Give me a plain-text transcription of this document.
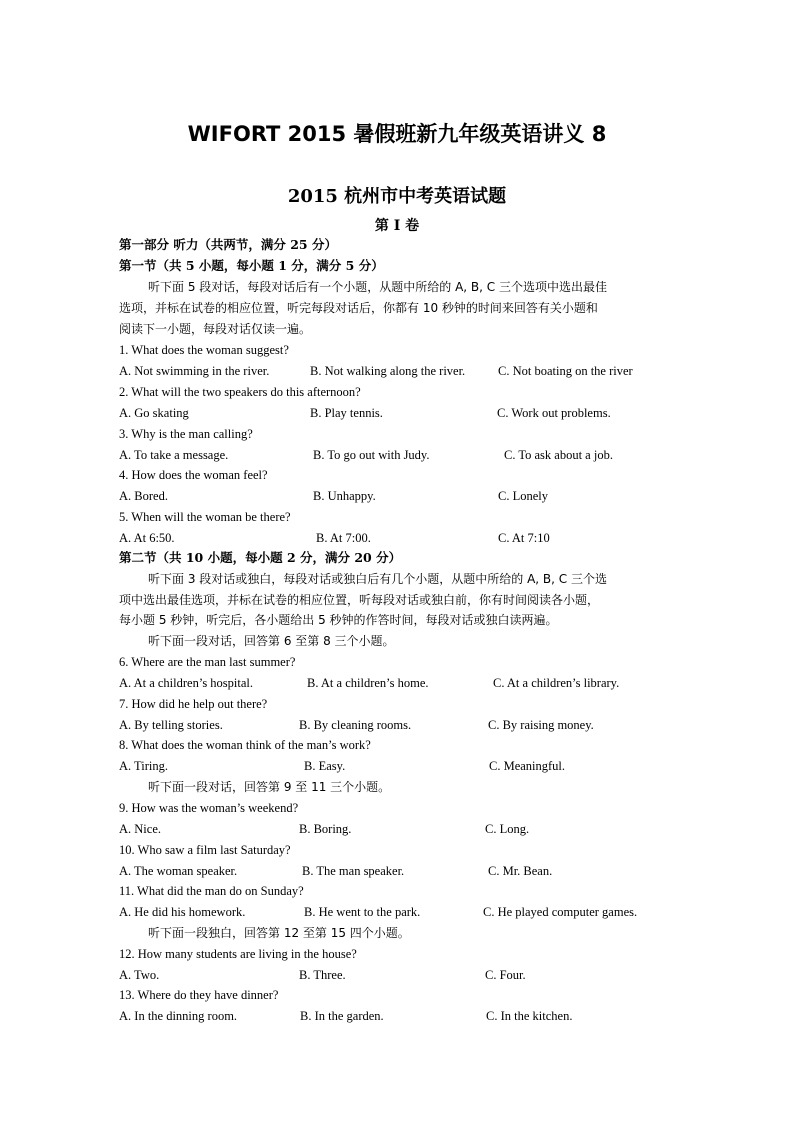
WIFORT 2015 暑假班新九年级英语讲义 8
2015 杭州市中考英语试题
第 I 卷
第一部分 听力（共两节，满分 25 分）
第一节（共 5 小题，每小题 1 分，满分 5 分）
听下面 5 段对话，每段对话后有一个小题，从题中所给的 A, B, C 三个选项中选出最佳
选项，并标在试卷的相应位置，听完每段对话后，你都有 10 秒钟的时间来回答有关小题和
阅读下一小题，每段对话仅读一遍。
1. What does the woman suggest?
A. Not swimming in the river.	B. Not walking along the river.	C. Not boating on the river
2. What will the two speakers do this afternoon?
A. Go skating	B. Play tennis.	C. Work out problems.
3. Why is the man calling?
A. To take a message.	B. To go out with Judy.	C. To ask about a job.
4. How does the woman feel?
A. Bored.	B. Unhappy.	C. Lonely
5. When will the woman be there?
A. At 6:50.	B. At 7:00.	C. At 7:10
第二节（共 10 小题，每小题 2 分，满分 20 分）
听下面 3 段对话或独白，每段对话或独白后有几个小题，从题中所给的 A, B, C 三个选
项中选出最佳选项，并标在试卷的相应位置，听每段对话或独白前，你有时间阅读各小题，
每小题 5 秒钟，听完后，各小题给出 5 秒钟的作答时间，每段对话或独白读两遍。
听下面一段对话，回答第 6 至第 8 三个小题。
6. Where are the man last summer?
A. At a children’s hospital.	B. At a children’s home.	C. At a children’s library.
7. How did he help out there?
A. By telling stories.	B. By cleaning rooms.	C. By raising money.
8. What does the woman think of the man’s work?
A. Tiring.	B. Easy.	C. Meaningful.
听下面一段对话，回答第 9 至 11 三个小题。
9. How was the woman’s weekend?
A. Nice.	B. Boring.	C. Long.
10. Who saw a film last Saturday?
A. The woman speaker.	B. The man speaker.	C. Mr. Bean.
11. What did the man do on Sunday?
A. He did his homework.	B. He went to the park.	C. He played computer games.
听下面一段独白，回答第 12 至第 15 四个小题。
12. How many students are living in the house?
A. Two.	B. Three.	C. Four.
13. Where do they have dinner?
A. In the dinning room.	B. In the garden.	C. In the kitchen.
